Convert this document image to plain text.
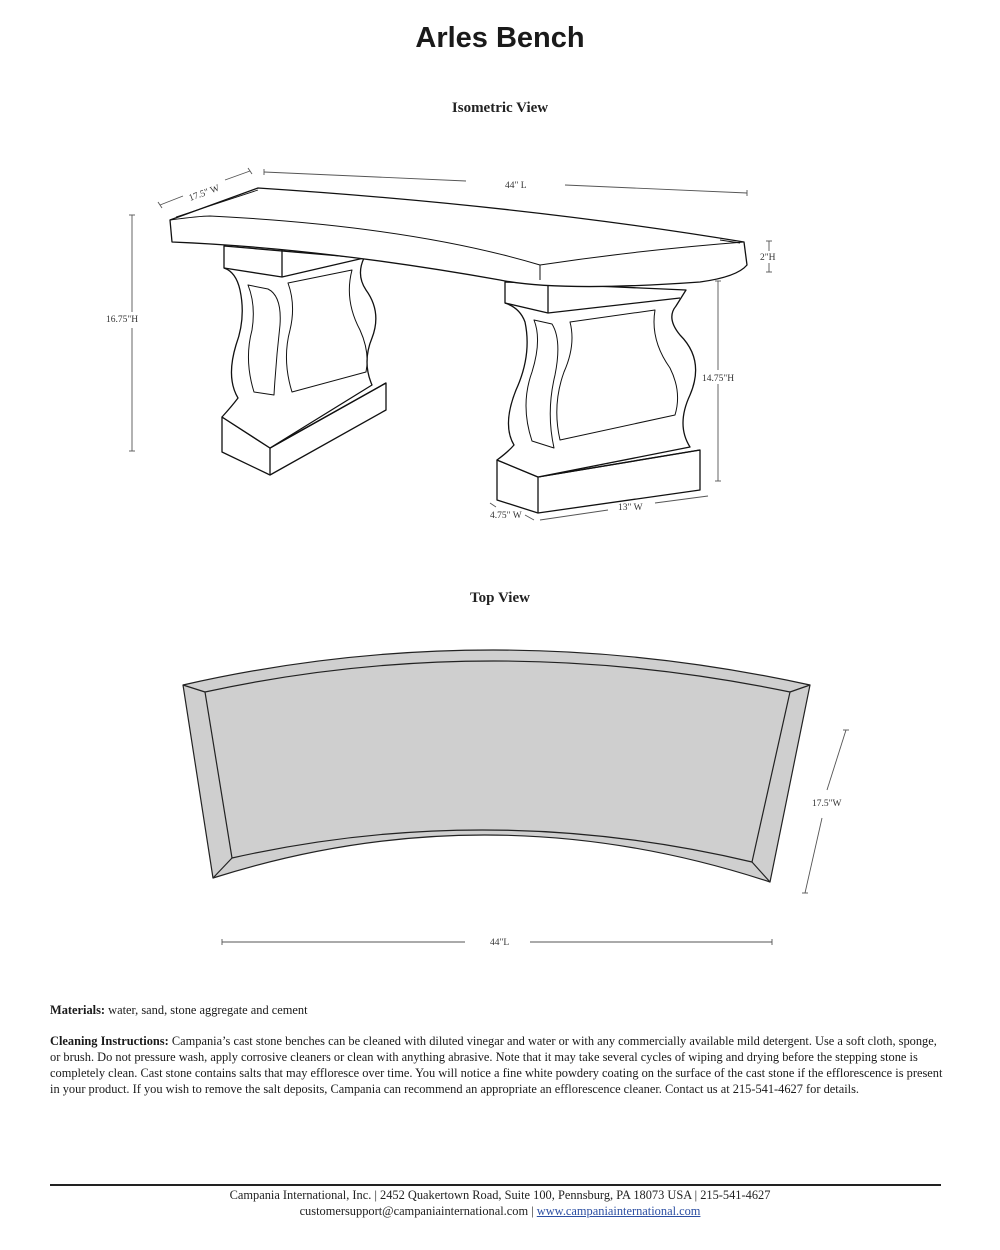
Arles Bench
Isometric View
17.5" W	44" L
2"H
16.75"H
14.75"H
13" W
4.75" W
17.5"W
44"L
Top View
Materials: water, sand, stone aggregate and cement
Cleaning Instructions: Campania’s cast stone benches can be cleaned with diluted vinegar and water or with any commercially available mild detergent. Use a soft cloth, sponge, or brush. Do not pressure wash, apply corrosive cleaners or clean with anything abrasive. Note that it may take several cycles of wiping and drying before the stepping stone is completely clean. Cast stone contains salts that may effloresce over time. You will notice a fine white powdery coating on the surface of the cast stone if the efflorescence is present in your product. If you wish to remove the salt deposits, Campania can recommend an appropriate an efflorescence cleaner. Contact us at 215-541-4627 for details.
Campania International, Inc. | 2452 Quakertown Road, Suite 100, Pennsburg, PA 18073 USA | 215-541-4627
customersupport@campaniainternational.com | www.campaniainternational.com
